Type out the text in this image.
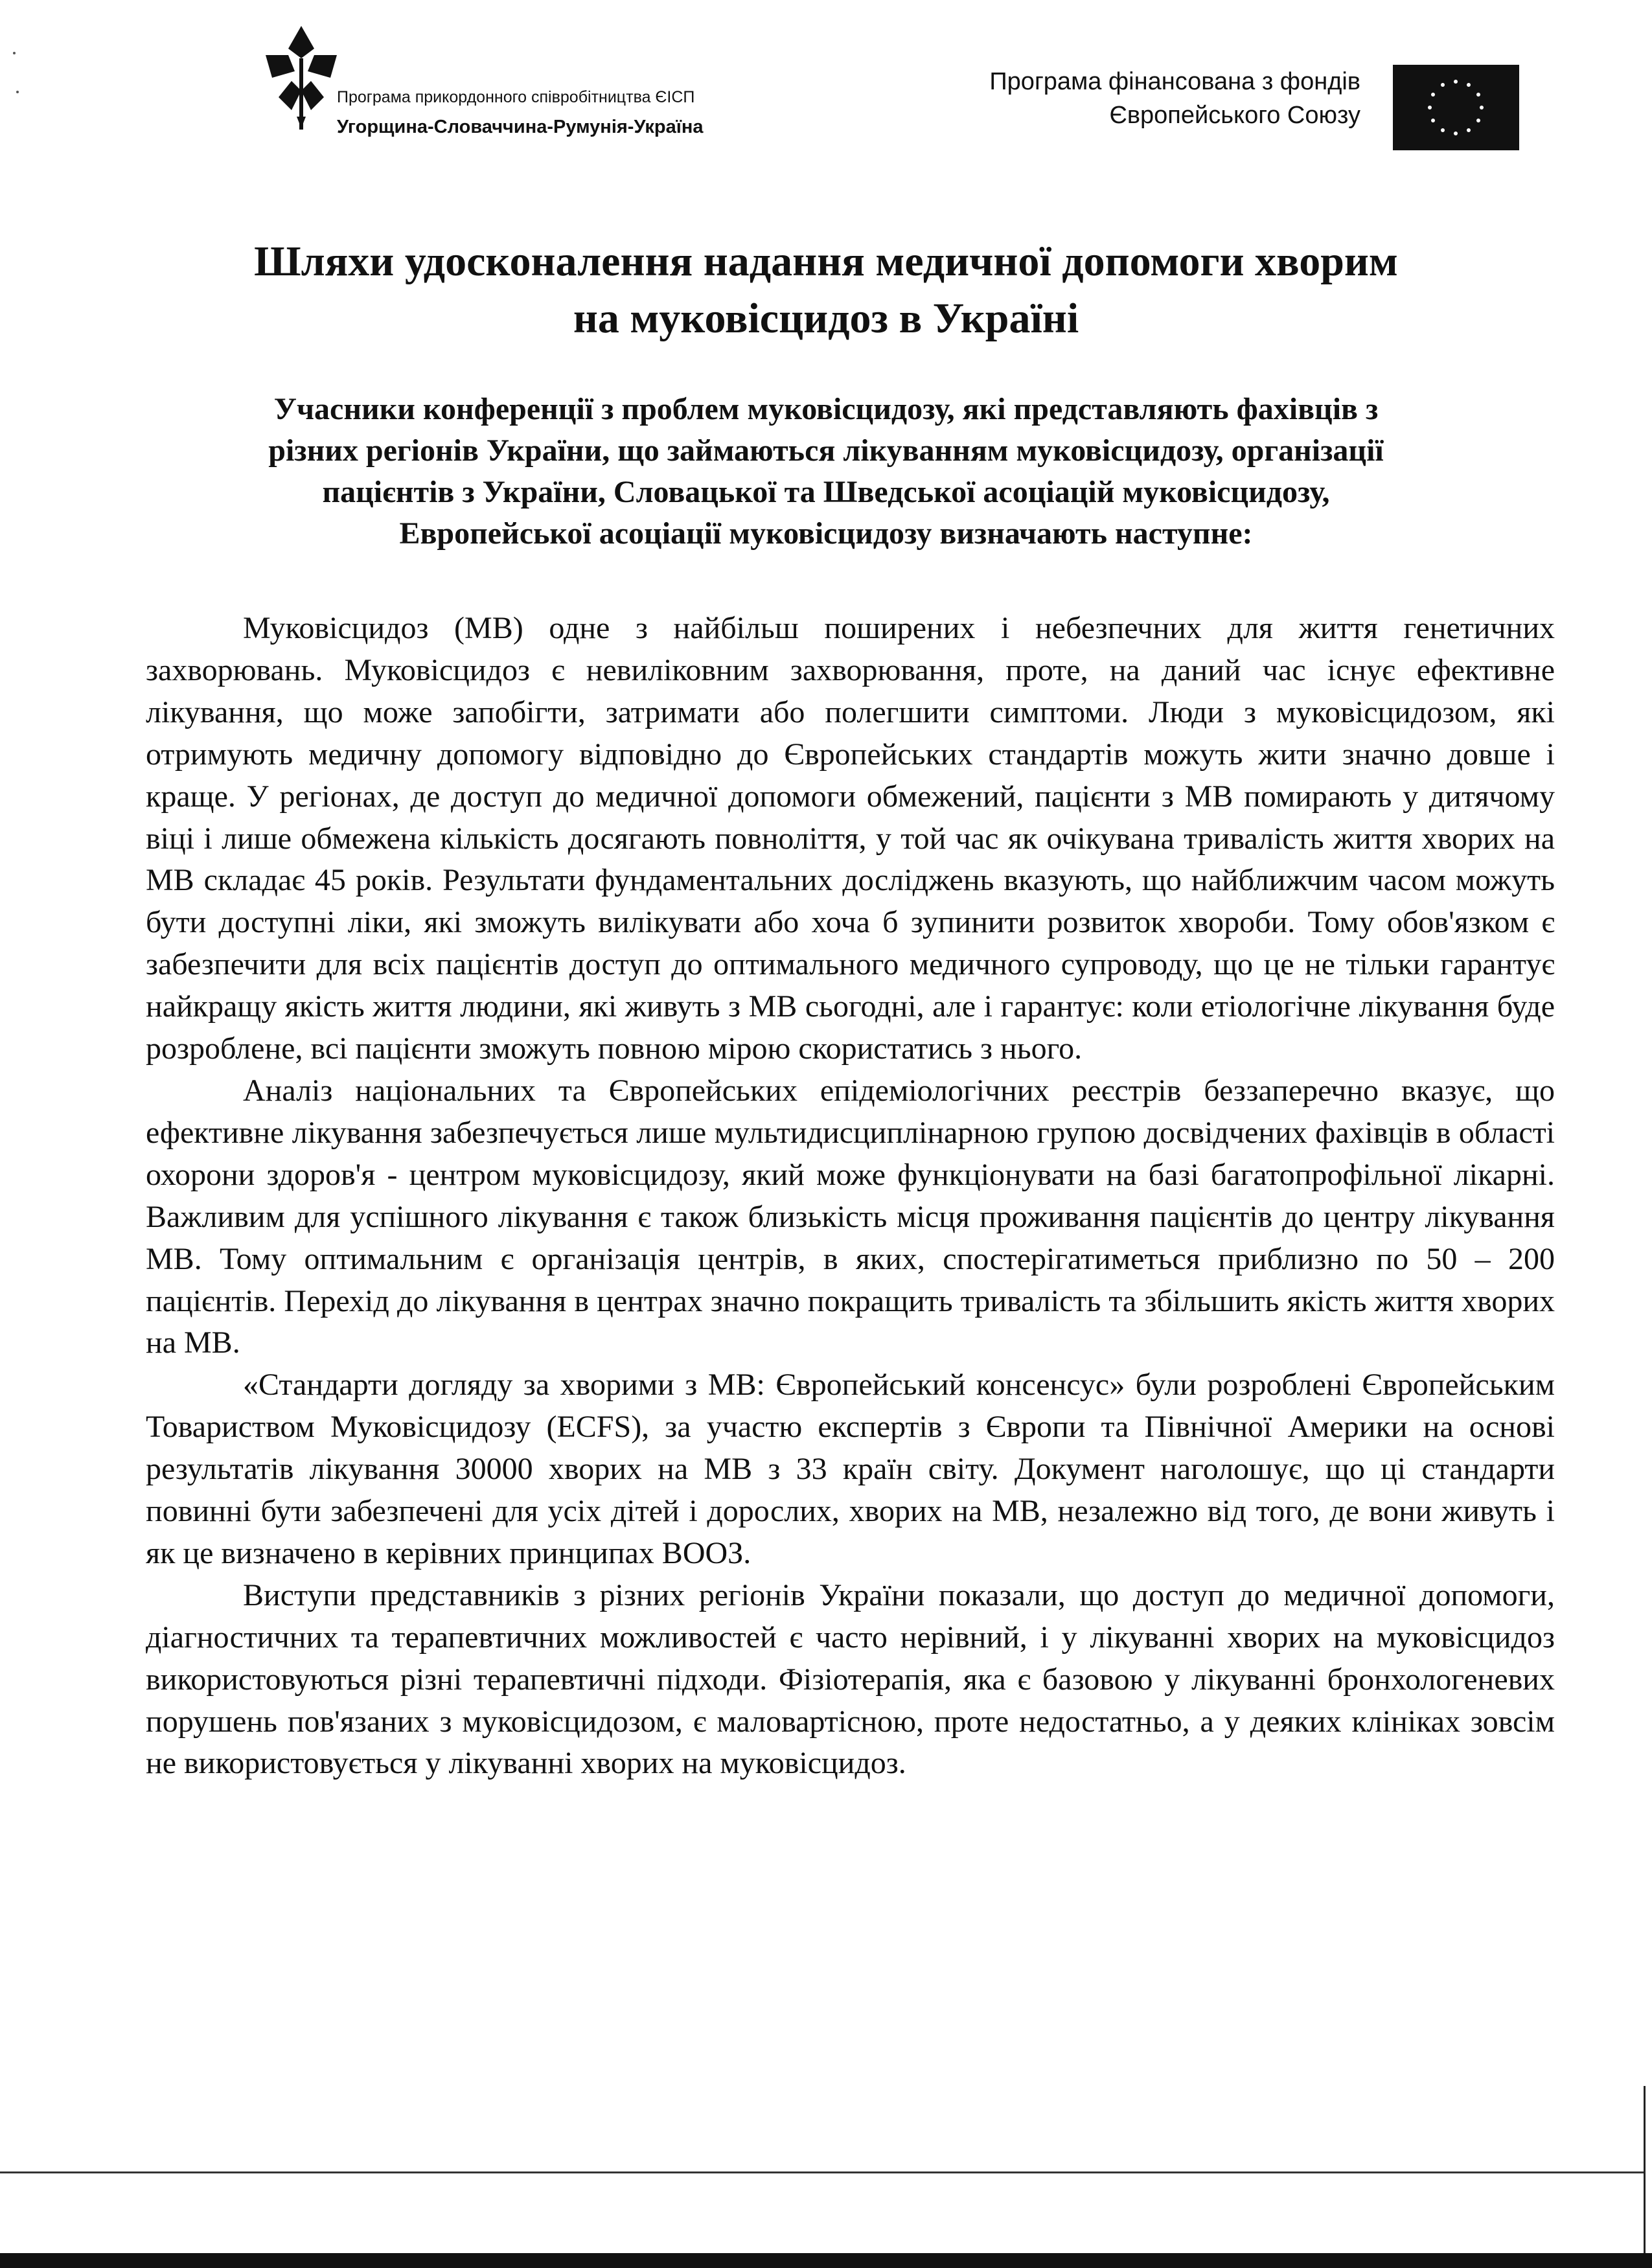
Програма прикордонного співробітництва ЄІСП
Угорщина-Словаччина-Румунія-Україна
Програма фінансована з фондів
Європейського Союзу
Шляхи удосконалення надання медичної допомоги хворим
на муковісцидоз в Україні
Учасники конференції з проблем муковісцидозу, які представляють фахівців з
різних регіонів України, що займаються лікуванням муковісцидозу, організації
пацієнтів з України, Словацької та Шведської асоціацій муковісцидозу,
Европейської асоціації муковісцидозу визначають наступне:

Муковісцидоз (МВ) одне з найбільш поширених і небезпечних для життя генетичних захворювань. Муковісцидоз є невиліковним захворювання, проте, на даний час існує ефективне лікування, що може запобігти, затримати або полегшити симптоми. Люди з муковісцидозом, які отримують медичну допомогу відповідно до Європейських стандартів можуть жити значно довше і краще. У регіонах, де доступ до медичної допомоги обмежений, пацієнти з МВ помирають у дитячому віці і лише обмежена кількість досягають повноліття, у той час як очікувана тривалість життя хворих на МВ складає 45 років. Результати фундаментальних досліджень вказують, що найближчим часом можуть бути доступні ліки, які зможуть вилікувати або хоча б зупинити розвиток хвороби. Тому обов'язком є забезпечити для всіх пацієнтів доступ до оптимального медичного супроводу, що це не тільки гарантує найкращу якість життя людини, які живуть з МВ сьогодні, але і гарантує: коли етіологічне лікування буде розроблене, всі пацієнти зможуть повною мірою скористатись з нього.

Аналіз національних та Європейських епідеміологічних реєстрів беззаперечно вказує, що ефективне лікування забезпечується лише мультидисциплінарною групою досвідчених фахівців в області охорони здоров'я - центром муковісцидозу, який може функціонувати на базі багатопрофільної лікарні. Важливим для успішного лікування є також близькість місця проживання пацієнтів до центру лікування МВ. Тому оптимальним є організація центрів, в яких, спостерігатиметься приблизно по 50 – 200 пацієнтів. Перехід до лікування в центрах значно покращить тривалість та збільшить якість життя хворих на МВ.

«Стандарти догляду за хворими з МВ: Європейський консенсус» були розроблені Європейським Товариством Муковісцидозу (ECFS), за участю експертів з Європи та Північної Америки на основі результатів лікування 30000 хворих на МВ з 33 країн світу. Документ наголошує, що ці стандарти повинні бути забезпечені для усіх дітей і дорослих, хворих на МВ, незалежно від того, де вони живуть і як це визначено в керівних принципах ВООЗ.

Виступи представників з різних регіонів України показали, що доступ до медичної допомоги, діагностичних та терапевтичних можливостей є часто нерівний, і у лікуванні хворих на муковісцидоз використовуються різні терапевтичні підходи. Фізіотерапія, яка є базовою у лікуванні бронхологеневих порушень пов'язаних з муковісцидозом, є маловартісною, проте недостатньо, а у деяких клініках зовсім не використовується у лікуванні хворих на муковісцидоз.
